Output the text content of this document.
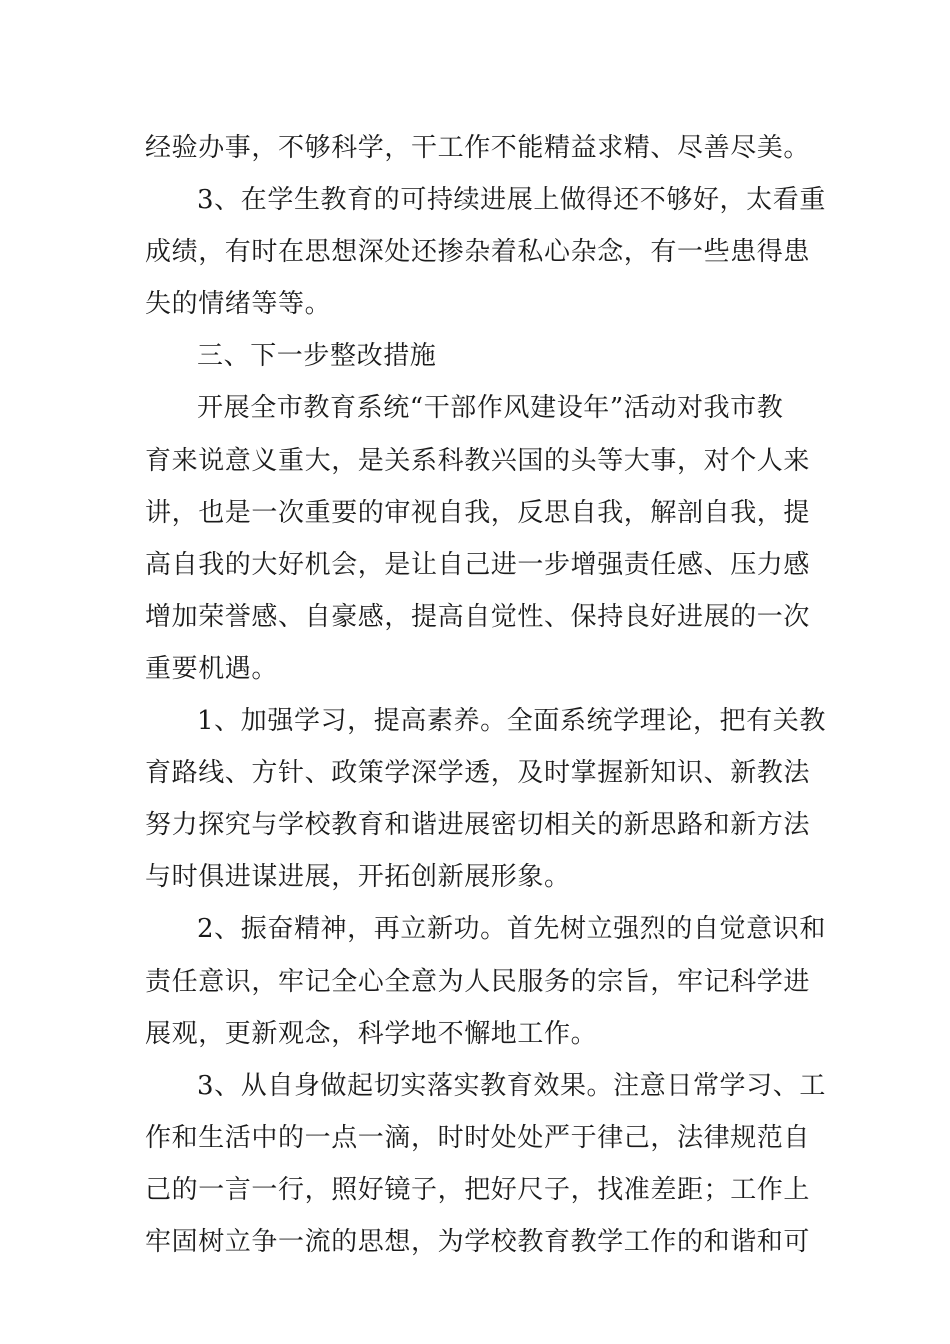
经验办事，不够科学，干工作不能精益求精、尽善尽美。
3、在学生教育的可持续进展上做得还不够好，太看重
成绩，有时在思想深处还掺杂着私心杂念，有一些患得患
失的情绪等等。
三、下一步整改措施
开展全市教育系统“干部作风建设年”活动对我市教
育来说意义重大，是关系科教兴国的头等大事，对个人来
讲，也是一次重要的审视自我，反思自我，解剖自我，提
高自我的大好机会，是让自己进一步增强责任感、压力感
增加荣誉感、自豪感，提高自觉性、保持良好进展的一次
重要机遇。
1、加强学习，提高素养。全面系统学理论，把有关教
育路线、方针、政策学深学透，及时掌握新知识、新教法
努力探究与学校教育和谐进展密切相关的新思路和新方法
与时俱进谋进展，开拓创新展形象。
2、振奋精神，再立新功。首先树立强烈的自觉意识和
责任意识，牢记全心全意为人民服务的宗旨，牢记科学进
展观，更新观念，科学地不懈地工作。
3、从自身做起切实落实教育效果。注意日常学习、工
作和生活中的一点一滴，时时处处严于律己，法律规范自
己的一言一行，照好镜子，把好尺子，找准差距；工作上
牢固树立争一流的思想，为学校教育教学工作的和谐和可
